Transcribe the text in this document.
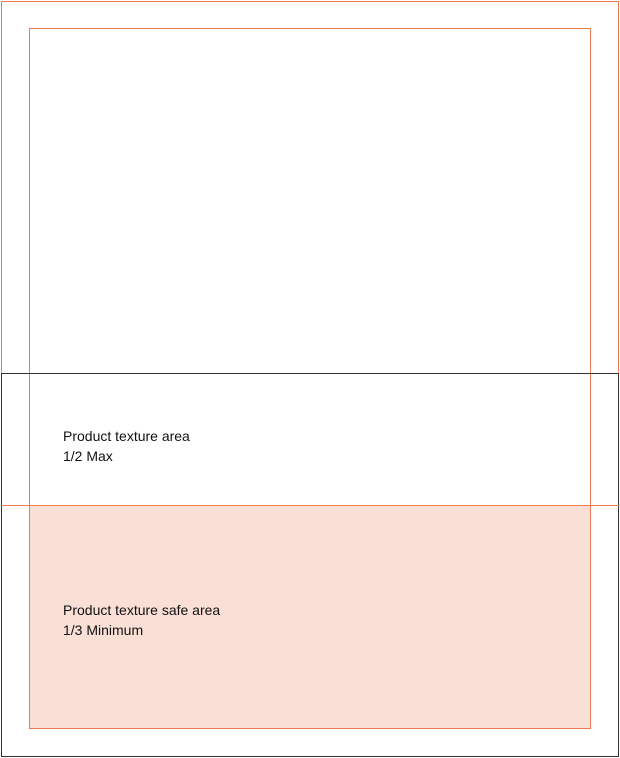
Product texture area
1/2 Max
Product texture safe area
1/3 Minimum
